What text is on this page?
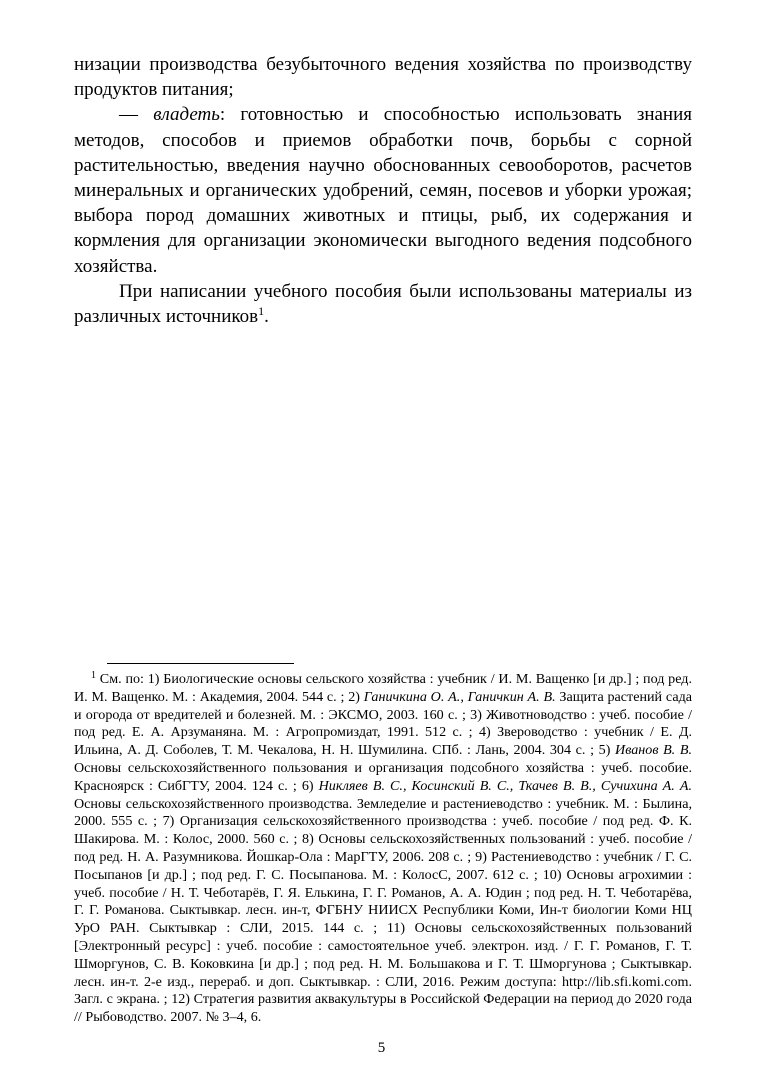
низации производства безубыточного ведения хозяйства по производству продуктов питания;

— владеть: готовностью и способностью использовать знания методов, способов и приемов обработки почв, борьбы с сорной растительностью, введения научно обоснованных севооборотов, расчетов минеральных и органических удобрений, семян, посевов и уборки урожая; выбора пород домашних животных и птицы, рыб, их содержания и кормления для организации экономически выгодного ведения подсобного хозяйства.

При написании учебного пособия были использованы материалы из различных источников$^1$.

$^1$ См. по: 1) Биологические основы сельского хозяйства : учебник / И. М. Ващенко [и др.] ; под ред. И. М. Ващенко. М. : Академия, 2004. 544 с. ; 2) Ганичкина О. А., Ганичкин А. В. Защита растений сада и огорода от вредителей и болезней. М. : ЭКСМО, 2003. 160 с. ; 3) Животноводство : учеб. пособие / под ред. Е. А. Арзуманяна. М. : Агропромиздат, 1991. 512 с. ; 4) Звероводство : учебник / Е. Д. Ильина, А. Д. Соболев, Т. М. Чекалова, Н. Н. Шумилина. СПб. : Лань, 2004. 304 с. ; 5) Иванов В. В. Основы сельскохозяйственного пользования и организация подсобного хозяйства : учеб. пособие. Красноярск : СибГТУ, 2004. 124 с. ; 6) Никляев В. С., Косинский В. С., Ткачев В. В., Сучихина А. А. Основы сельскохозяйственного производства. Земледелие и растениеводство : учебник. М. : Былина, 2000. 555 с. ; 7) Организация сельскохозяйственного производства : учеб. пособие / под ред. Ф. К. Шакирова. М. : Колос, 2000. 560 с. ; 8) Основы сельскохозяйственных пользований : учеб. пособие / под ред. Н. А. Разумникова. Йошкар-Ола : МарГТУ, 2006. 208 с. ; 9) Растениеводство : учебник / Г. С. Посыпанов [и др.] ; под ред. Г. С. Посыпанова. М. : КолосС, 2007. 612 с. ; 10) Основы агрохимии : учеб. пособие / Н. Т. Чеботарёв, Г. Я. Елькина, Г. Г. Романов, А. А. Юдин ; под ред. Н. Т. Чеботарёва, Г. Г. Романова. Сыктывкар. лесн. ин-т, ФГБНУ НИИСХ Республики Коми, Ин-т биологии Коми НЦ УрО РАН. Сыктывкар : СЛИ, 2015. 144 с. ; 11) Основы сельскохозяйственных пользований [Электронный ресурс] : учеб. пособие : самостоятельное учеб. электрон. изд. / Г. Г. Романов, Г. Т. Шморгунов, С. В. Коковкина [и др.] ; под ред. Н. М. Большакова и Г. Т. Шморгунова ; Сыктывкар. лесн. ин-т. 2-е изд., перераб. и доп. Сыктывкар. : СЛИ, 2016. Режим доступа: http://lib.sfi.komi.com. Загл. с экрана. ; 12) Стратегия развития аквакультуры в Российской Федерации на период до 2020 года // Рыбоводство. 2007. № 3–4, 6.

5
